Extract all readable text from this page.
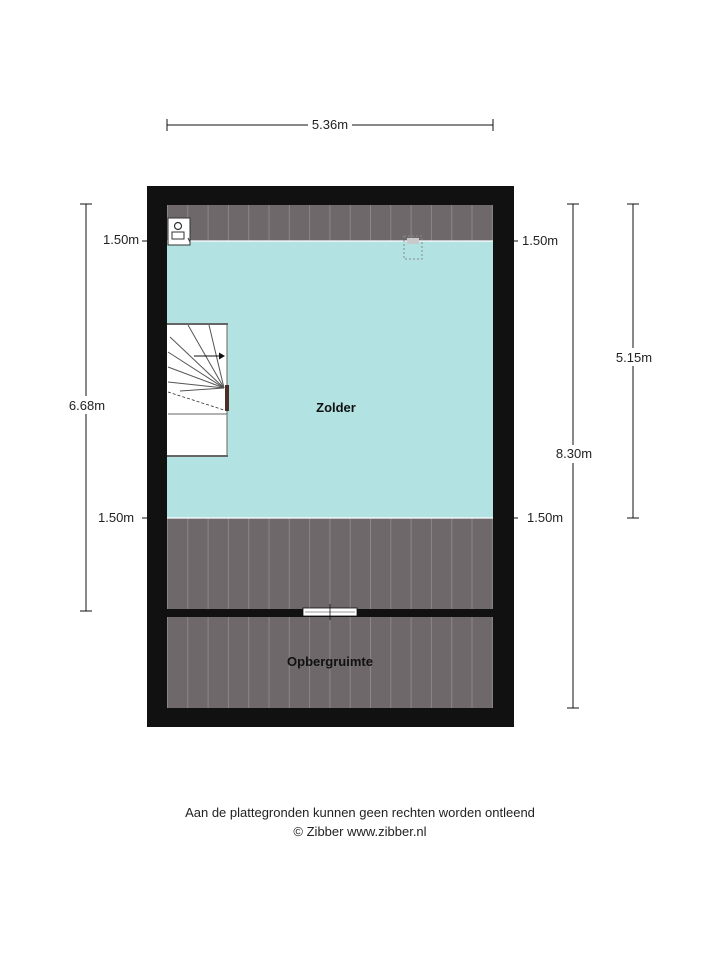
5.36m
Zolder
Opbergruimte
6.68m
1.50m
1.50m
1.50m
1.50m
8.30m
5.15m
Aan de plattegronden kunnen geen rechten worden ontleend
© Zibber www.zibber.nl
